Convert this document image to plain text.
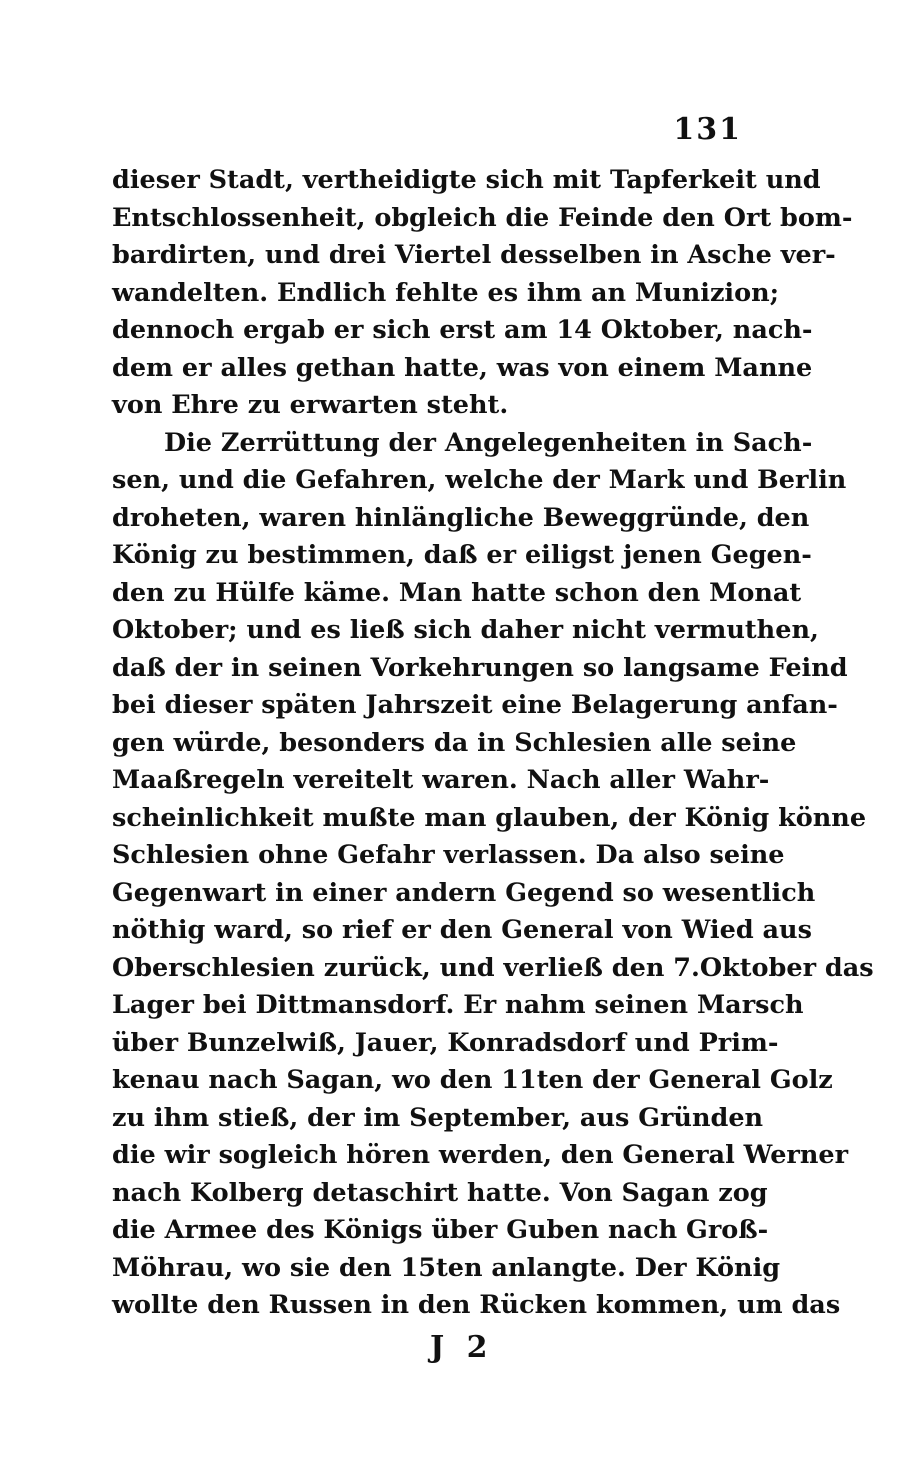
131
dieser Stadt, vertheidigte sich mit Tapferkeit und
Entschlossenheit, obgleich die Feinde den Ort bom-
bardirten, und drei Viertel desselben in Asche ver-
wandelten. Endlich fehlte es ihm an Munizion;
dennoch ergab er sich erst am 14 Oktober, nach-
dem er alles gethan hatte, was von einem Manne
von Ehre zu erwarten steht.
Die Zerrüttung der Angelegenheiten in Sach-
sen, und die Gefahren, welche der Mark und Berlin
droheten, waren hinlängliche Beweggründe, den
König zu bestimmen, daß er eiligst jenen Gegen-
den zu Hülfe käme. Man hatte schon den Monat
Oktober; und es ließ sich daher nicht vermuthen,
daß der in seinen Vorkehrungen so langsame Feind
bei dieser späten Jahrszeit eine Belagerung anfan-
gen würde, besonders da in Schlesien alle seine
Maaßregeln vereitelt waren. Nach aller Wahr-
scheinlichkeit mußte man glauben, der König könne
Schlesien ohne Gefahr verlassen. Da also seine
Gegenwart in einer andern Gegend so wesentlich
nöthig ward, so rief er den General von Wied aus
Oberschlesien zurück, und verließ den 7.Oktober das
Lager bei Dittmansdorf. Er nahm seinen Marsch
über Bunzelwiß, Jauer, Konradsdorf und Prim-
kenau nach Sagan, wo den 11ten der General Golz
zu ihm stieß, der im September, aus Gründen
die wir sogleich hören werden, den General Werner
nach Kolberg detaschirt hatte. Von Sagan zog
die Armee des Königs über Guben nach Groß-
Möhrau, wo sie den 15ten anlangte. Der König
wollte den Russen in den Rücken kommen, um das
J 2
